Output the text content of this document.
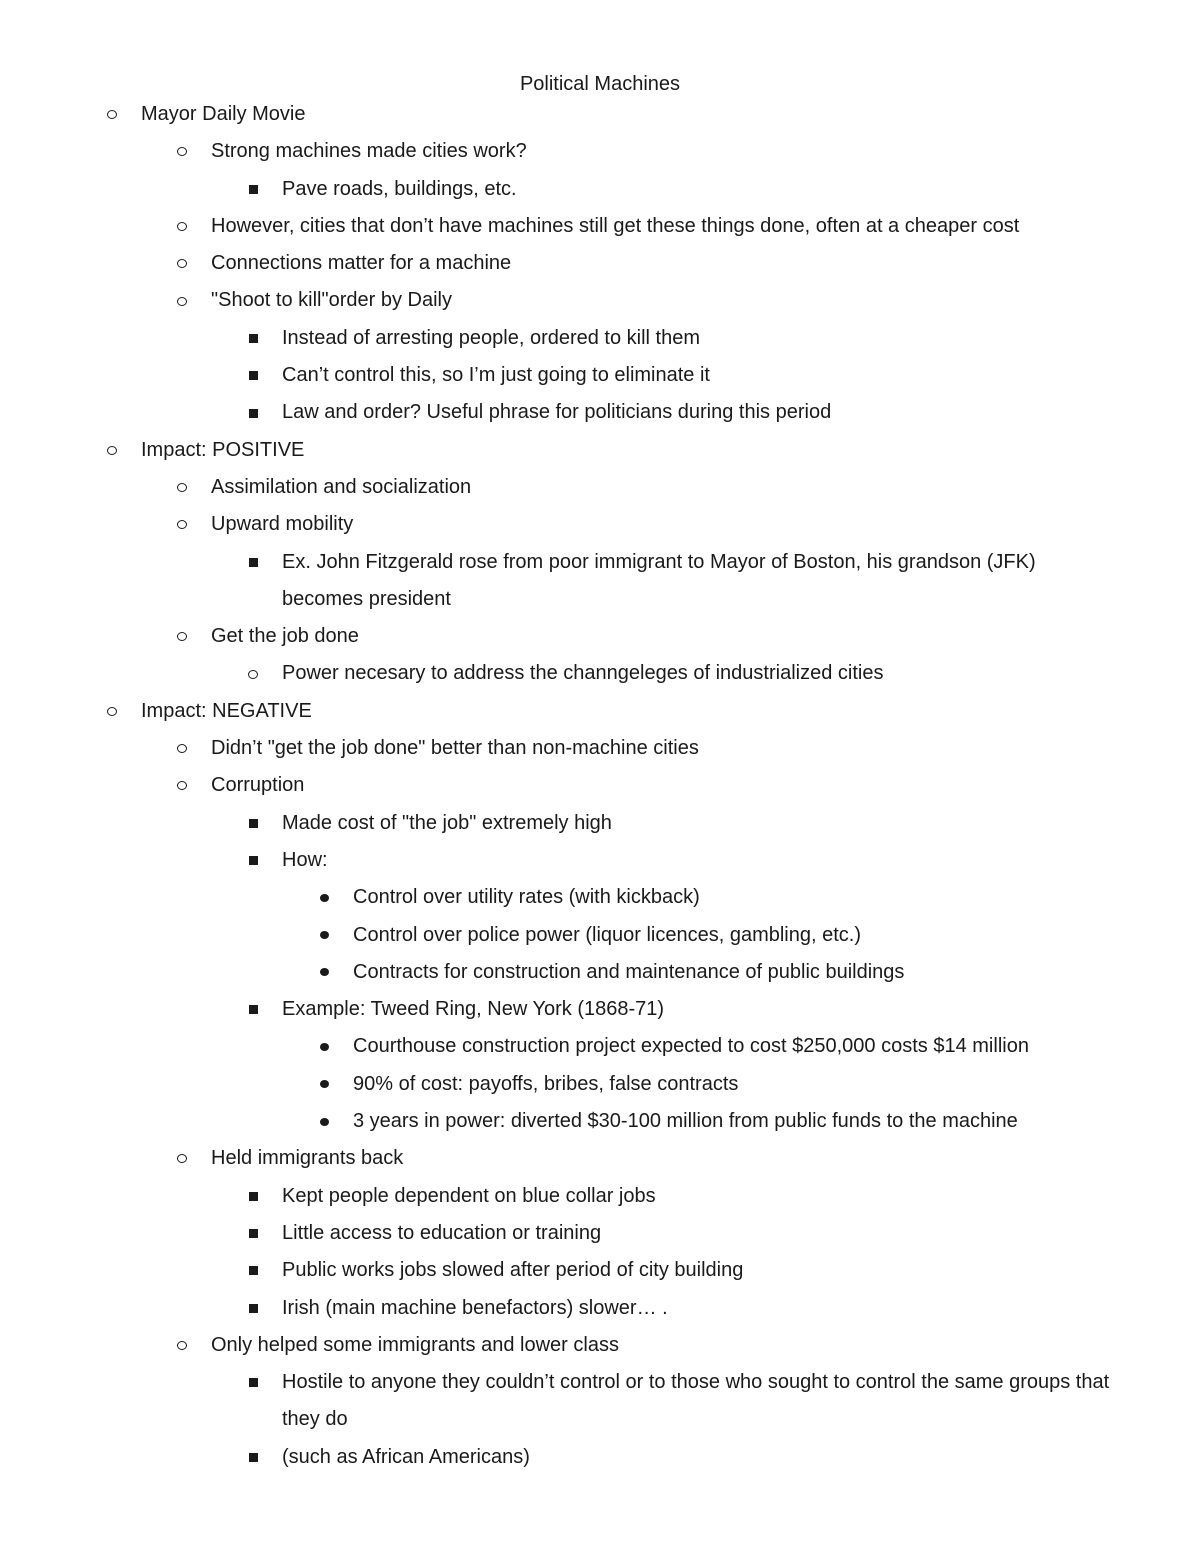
Political Machines
Mayor Daily Movie
Strong machines made cities work?
Pave roads, buildings, etc.
However, cities that don’t have machines still get these things done, often at a cheaper cost
Connections matter for a machine
"Shoot to kill"order by Daily
Instead of arresting people, ordered to kill them
Can’t control this, so I’m just going to eliminate it
Law and order? Useful phrase for politicians during this period
Impact: POSITIVE
Assimilation and socialization
Upward mobility
Ex. John Fitzgerald rose from poor immigrant to Mayor of Boston, his grandson (JFK) becomes president
Get the job done
Power necesary to address the channgeleges of industrialized cities
Impact: NEGATIVE
Didn’t "get the job done" better than non-machine cities
Corruption
Made cost of "the job" extremely high
How:
Control over utility rates (with kickback)
Control over police power (liquor licences, gambling, etc.)
Contracts for construction and maintenance of public buildings
Example: Tweed Ring, New York (1868-71)
Courthouse construction project expected to cost $250,000 costs $14 million
90% of cost: payoffs, bribes, false contracts
3 years in power: diverted $30-100 million from public funds to the machine
Held immigrants back
Kept people dependent on blue collar jobs
Little access to education or training
Public works jobs slowed after period of city building
Irish (main machine benefactors) slower… .
Only helped some immigrants and lower class
Hostile to anyone they couldn’t control or to those who sought to control the same groups that they do
(such as African Americans)
